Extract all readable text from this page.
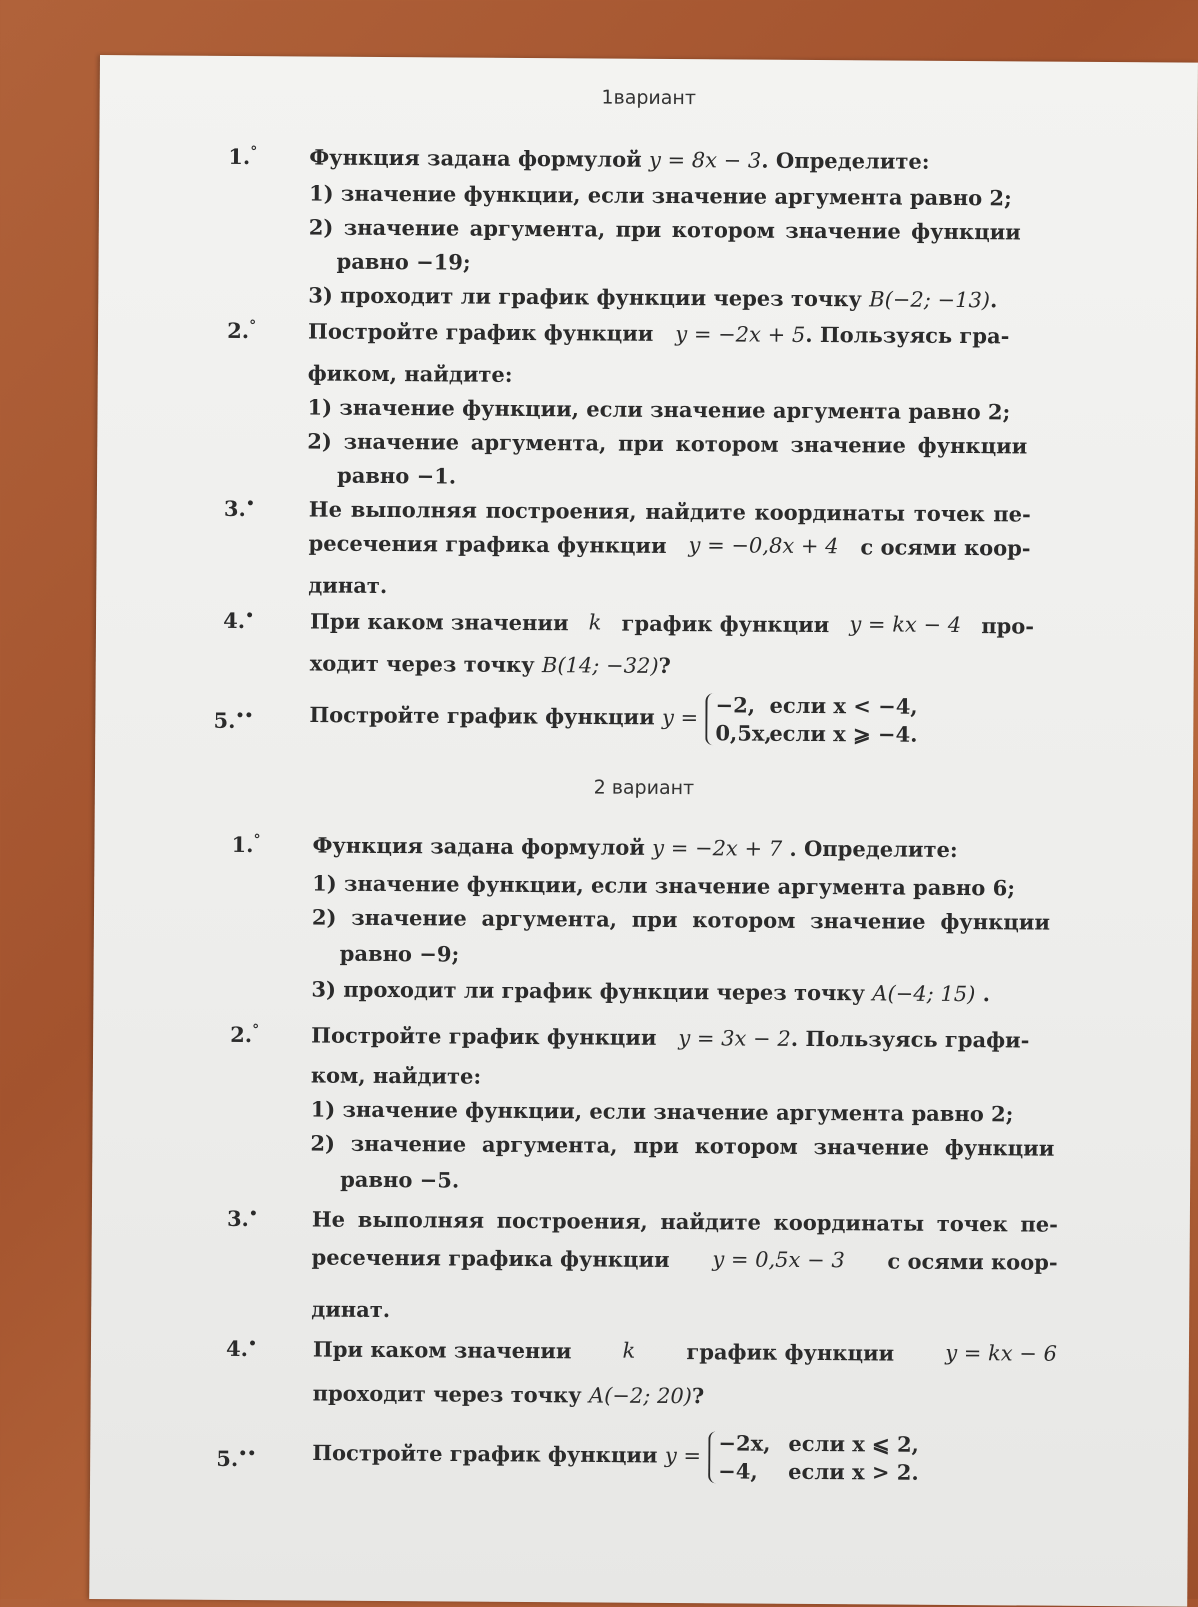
1вариант
1.° Функция задана формулой y = 8x − 3. Определите:
1) значение функции, если значение аргумента равно 2;
2) значение аргумента, при котором значение функции
равно −19;
3) проходит ли график функции через точку B(−2; −13).
2.° Постройте график функции y = −2x + 5. Пользуясь гра-
фиком, найдите:
1) значение функции, если значение аргумента равно 2;
2) значение аргумента, при котором значение функции
равно −1.
3.•	Не выполняя построения, найдите координаты точек пе-
ресечения графика функции y = −0,8x + 4 с осями коор-
динат.
4.•	При каком значении k график функции y = kx − 4 про-
ходит через точку B(14; −32)?
5.••	Постройте график функции y = −2, если x < −4,
0,5x,если x ⩾ −4.
2 вариант
1.° Функция задана формулой y = −2x + 7 . Определите:
1) значение функции, если значение аргумента равно 6;
2) значение аргумента, при котором значение функции
равно −9;
3) проходит ли график функции через точку A(−4; 15) .
2.° Постройте график функции y = 3x − 2. Пользуясь графи-
ком, найдите:
1) значение функции, если значение аргумента равно 2;
2) значение аргумента, при котором значение функции
равно −5.
3.•	Не выполняя построения, найдите координаты точек пе-
ресечения графика функции y = 0,5x − 3 с осями коор-
динат.
4.•	При каком значении k график функции y = kx − 6
проходит через точку A(−2; 20)?
5.••	Постройте график функции y = −2x, если x ⩽ 2,
−4, если x > 2.
